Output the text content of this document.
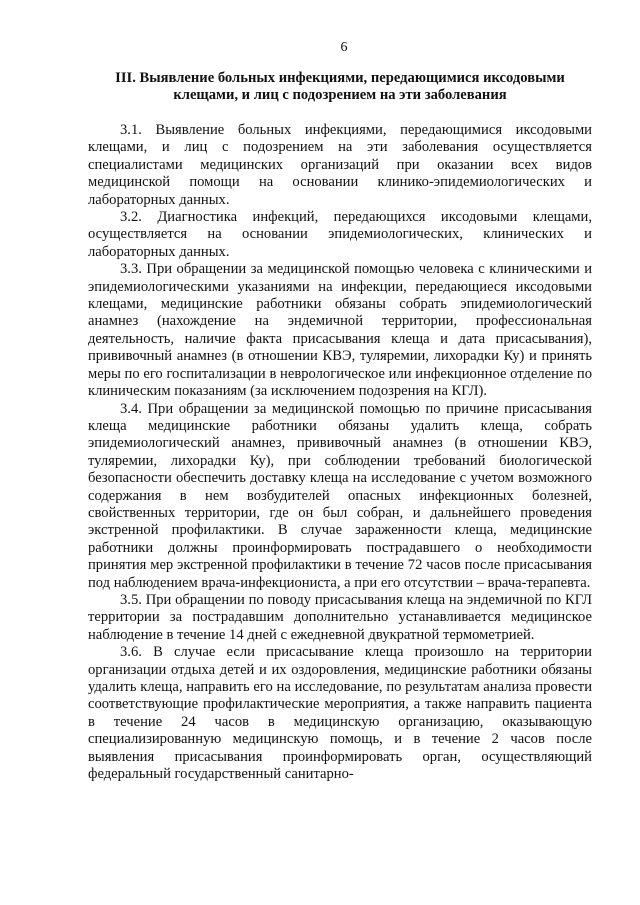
6
III. Выявление больных инфекциями, передающимися иксодовыми
клещами, и лиц с подозрением на эти заболевания

3.1. Выявление больных инфекциями, передающимися иксодовыми клещами, и лиц с подозрением на эти заболевания осуществляется специалистами медицинских организаций при оказании всех видов медицинской помощи на основании клинико-эпидемиологических и лабораторных данных.

3.2. Диагностика инфекций, передающихся иксодовыми клещами, осуществляется на основании эпидемиологических, клинических и лабораторных данных.

3.3. При обращении за медицинской помощью человека с клиническими и эпидемиологическими указаниями на инфекции, передающиеся иксодовыми клещами, медицинские работники обязаны собрать эпидемиологический анамнез (нахождение на эндемичной территории, профессиональная деятельность, наличие факта присасывания клеща и дата присасывания), прививочный анамнез (в отношении КВЭ, туляремии, лихорадки Ку) и принять меры по его госпитализации в неврологическое или инфекционное отделение по клиническим показаниям (за исключением подозрения на КГЛ).

3.4. При обращении за медицинской помощью по причине присасывания клеща медицинские работники обязаны удалить клеща, собрать эпидемиологический анамнез, прививочный анамнез (в отношении КВЭ, туляремии, лихорадки Ку), при соблюдении требований биологической безопасности обеспечить доставку клеща на исследование с учетом возможного содержания в нем возбудителей опасных инфекционных болезней, свойственных территории, где он был собран, и дальнейшего проведения экстренной профилактики. В случае зараженности клеща, медицинские работники должны проинформировать пострадавшего о необходимости принятия мер экстренной профилактики в течение 72 часов после присасывания под наблюдением врача-инфекциониста, а при его отсутствии – врача-терапевта.

3.5. При обращении по поводу присасывания клеща на эндемичной по КГЛ территории за пострадавшим дополнительно устанавливается медицинское наблюдение в течение 14 дней с ежедневной двукратной термометрией.

3.6. В случае если присасывание клеща произошло на территории организации отдыха детей и их оздоровления, медицинские работники обязаны удалить клеща, направить его на исследование, по результатам анализа провести соответствующие профилактические мероприятия, а также направить пациента в течение 24 часов в медицинскую организацию, оказывающую специализированную медицинскую помощь, и в течение 2 часов после выявления присасывания проинформировать орган, осуществляющий федеральный государственный санитарно-
